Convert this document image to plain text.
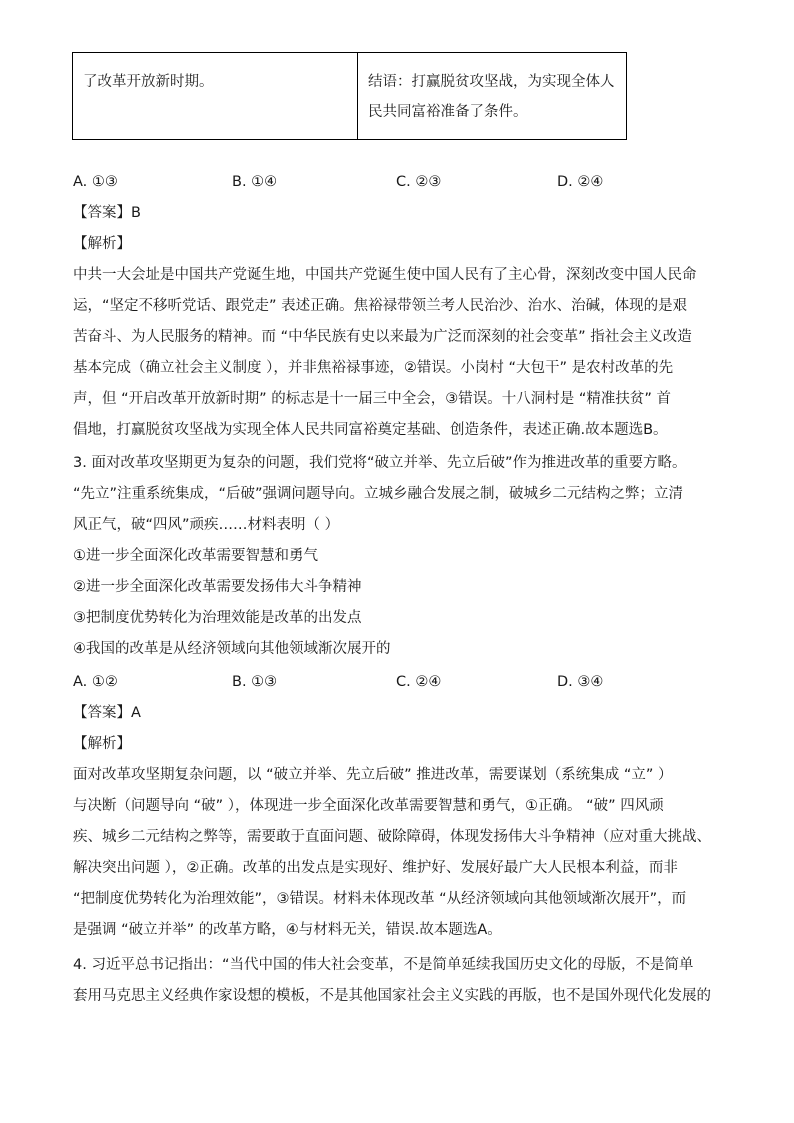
了改革开放新时期。	结语：打赢脱贫攻坚战，为实现全体人
民共同富裕准备了条件。
A. ①③	B. ①④	C. ②③	D. ②④
【答案】B
【解析】
中共一大会址是中国共产党诞生地，中国共产党诞生使中国人民有了主心骨，深刻改变中国人民命
运，“坚定不移听党话、跟党走” 表述正确。焦裕禄带领兰考人民治沙、治水、治碱，体现的是艰
苦奋斗、为人民服务的精神。而 “中华民族有史以来最为广泛而深刻的社会变革” 指社会主义改造
基本完成（确立社会主义制度 ），并非焦裕禄事迹，②错误。小岗村 “大包干” 是农村改革的先
声，但 “开启改革开放新时期” 的标志是十一届三中全会，③错误。十八洞村是 “精准扶贫” 首
倡地，打赢脱贫攻坚战为实现全体人民共同富裕奠定基础、创造条件，表述正确.故本题选B。
3. 面对改革攻坚期更为复杂的问题，我们党将“破立并举、先立后破”作为推进改革的重要方略。
“先立”注重系统集成，“后破”强调问题导向。立城乡融合发展之制，破城乡二元结构之弊；立清
风正气，破“四风”顽疾……材料表明（ ）
①进一步全面深化改革需要智慧和勇气
②进一步全面深化改革需要发扬伟大斗争精神
③把制度优势转化为治理效能是改革的出发点
④我国的改革是从经济领域向其他领域渐次展开的
A. ①②	B. ①③	C. ②④	D. ③④
【答案】A
【解析】
面对改革攻坚期复杂问题，以 “破立并举、先立后破” 推进改革，需要谋划（系统集成 “立” ）
与决断（问题导向 “破” ），体现进一步全面深化改革需要智慧和勇气，①正确。 “破” 四风顽
疾、城乡二元结构之弊等，需要敢于直面问题、破除障碍，体现发扬伟大斗争精神（应对重大挑战、
解决突出问题 ），②正确。改革的出发点是实现好、维护好、发展好最广大人民根本利益，而非
“把制度优势转化为治理效能”，③错误。材料未体现改革 “从经济领域向其他领域渐次展开”，而
是强调 “破立并举” 的改革方略，④与材料无关，错误.故本题选A。
4. 习近平总书记指出：“当代中国的伟大社会变革，不是简单延续我国历史文化的母版，不是简单
套用马克思主义经典作家设想的模板，不是其他国家社会主义实践的再版，也不是国外现代化发展的
